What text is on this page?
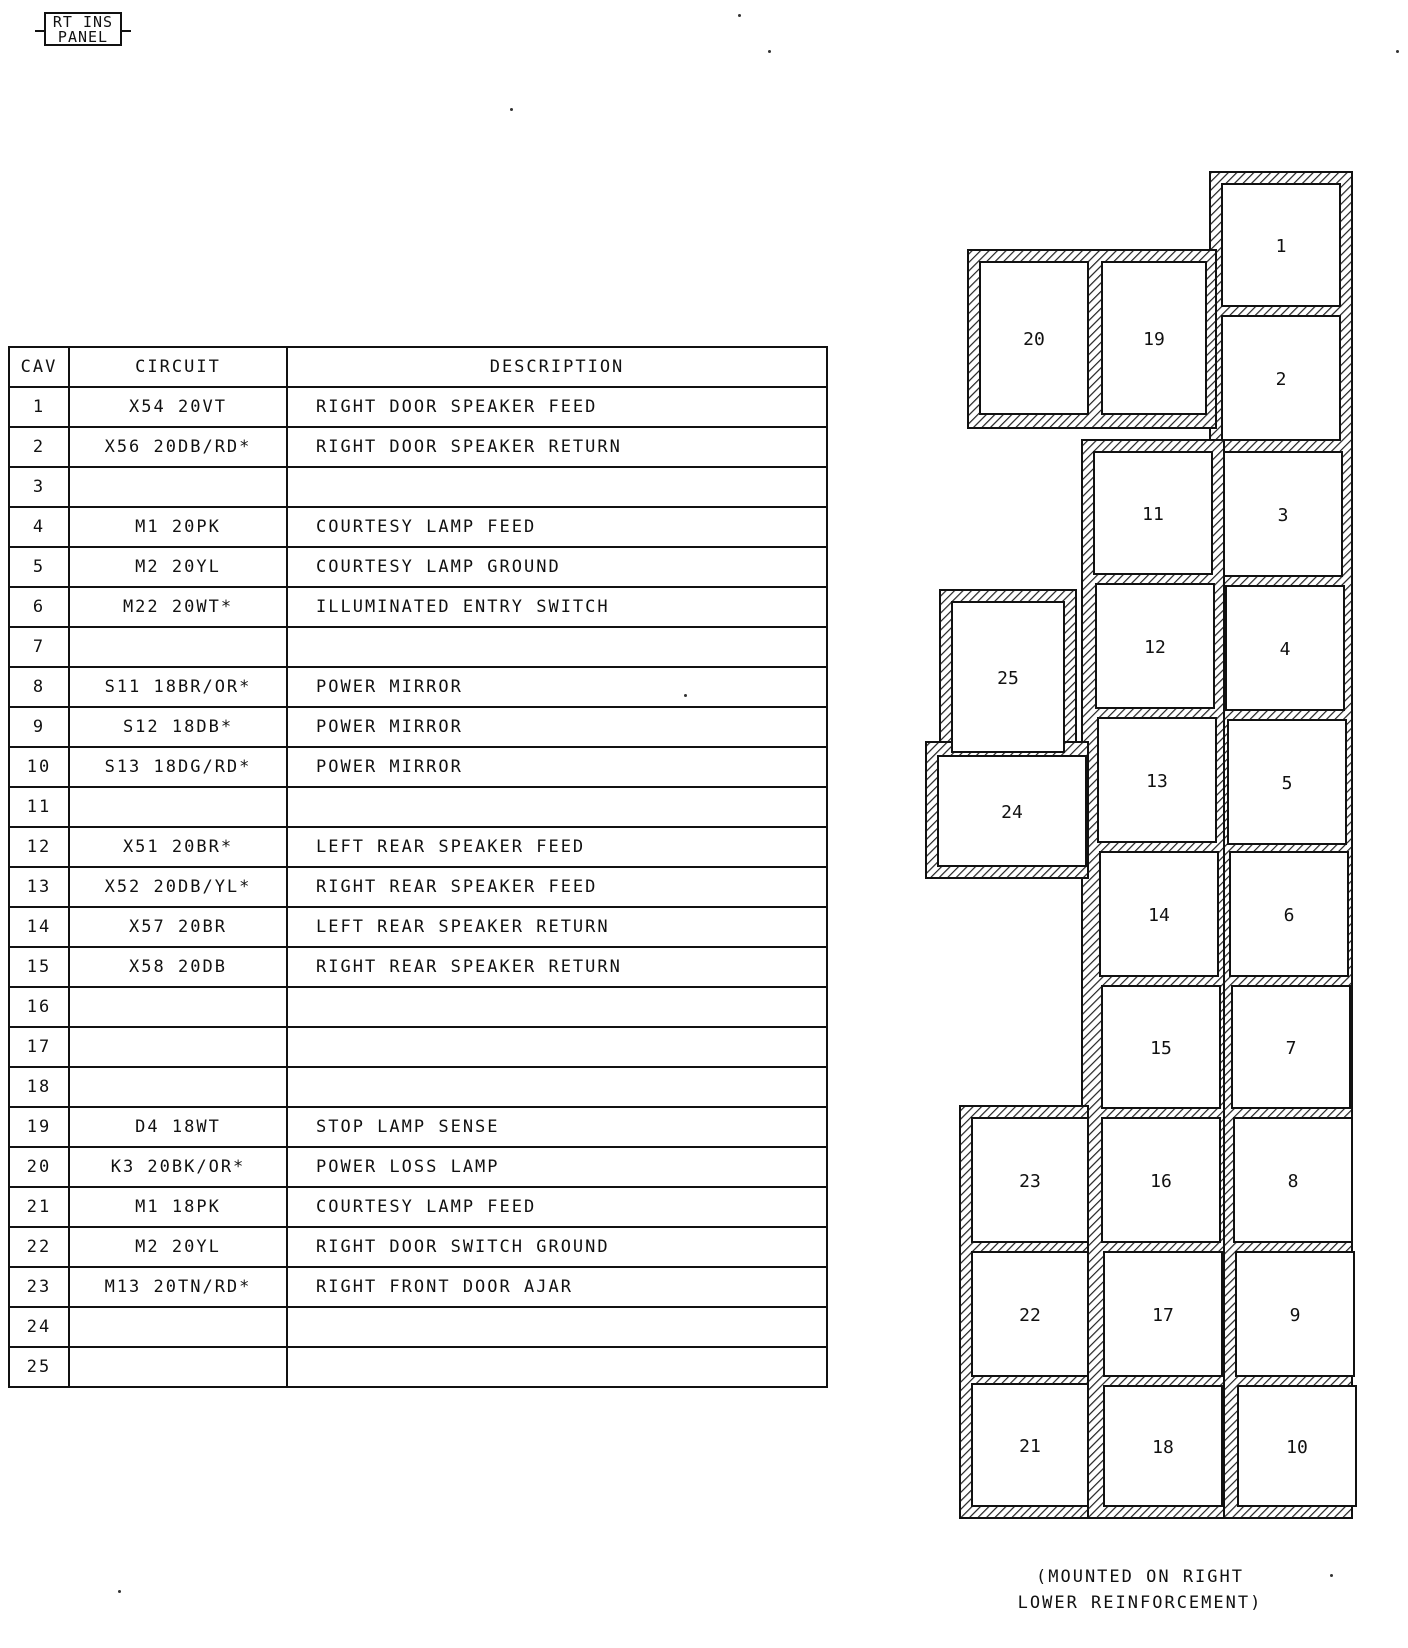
RT INS
PANEL
CAV	CIRCUIT	DESCRIPTION
1	X54 20VT	RIGHT DOOR SPEAKER FEED
2	X56 20DB/RD*	RIGHT DOOR SPEAKER RETURN
3		
4	M1 20PK	COURTESY LAMP FEED
5	M2 20YL	COURTESY LAMP GROUND
6	M22 20WT*	ILLUMINATED ENTRY SWITCH
7		
8	S11 18BR/OR*	POWER MIRROR
9	S12 18DB*	POWER MIRROR
10	S13 18DG/RD*	POWER MIRROR
11		
12	X51 20BR*	LEFT REAR SPEAKER FEED
13	X52 20DB/YL*	RIGHT REAR SPEAKER FEED
14	X57 20BR	LEFT REAR SPEAKER RETURN
15	X58 20DB	RIGHT REAR SPEAKER RETURN
16		
17		
18		
19	D4 18WT	STOP LAMP SENSE
20	K3 20BK/OR*	POWER LOSS LAMP
21	M1 18PK	COURTESY LAMP FEED
22	M2 20YL	RIGHT DOOR SWITCH GROUND
23	M13 20TN/RD*	RIGHT FRONT DOOR AJAR
24		
25		
1
2
3
4
5
6
7
8
9
10
11
12
13
14
15
16
17
18
19
20
21
22
23
24
25
(MOUNTED ON RIGHT
LOWER REINFORCEMENT)
